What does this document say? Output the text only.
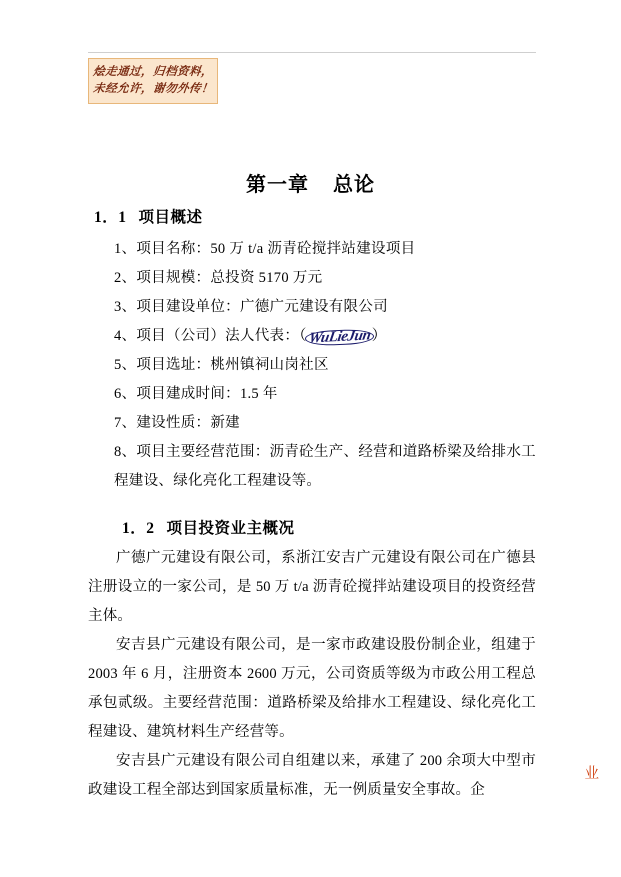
烩走通过，归档资料，
未经允许，谢勿外传！
第一章 总论
1．1 项目概述
1、项目名称：50 万 t/a 沥青砼搅拌站建设项目
2、项目规模：总投资 5170 万元
3、项目建设单位：广德广元建设有限公司
4、项目（公司）法人代表：（WuLieJun）
5、项目选址：桃州镇祠山岗社区
6、项目建成时间：1.5 年
7、建设性质：新建
8、项目主要经营范围：沥青砼生产、经营和道路桥梁及给排水工程建设、绿化亮化工程建设等。
1．2 项目投资业主概况

广德广元建设有限公司，系浙江安吉广元建设有限公司在广德县注册设立的一家公司，是 50 万 t/a 沥青砼搅拌站建设项目的投资经营主体。

安吉县广元建设有限公司，是一家市政建设股份制企业，组建于 2003 年 6 月，注册资本 2600 万元，公司资质等级为市政公用工程总承包贰级。主要经营范围：道路桥梁及给排水工程建设、绿化亮化工程建设、建筑材料生产经营等。

安吉县广元建设有限公司自组建以来，承建了 200 余项大中型市政建设工程全部达到国家质量标准，无一例质量安全事故。企

业
